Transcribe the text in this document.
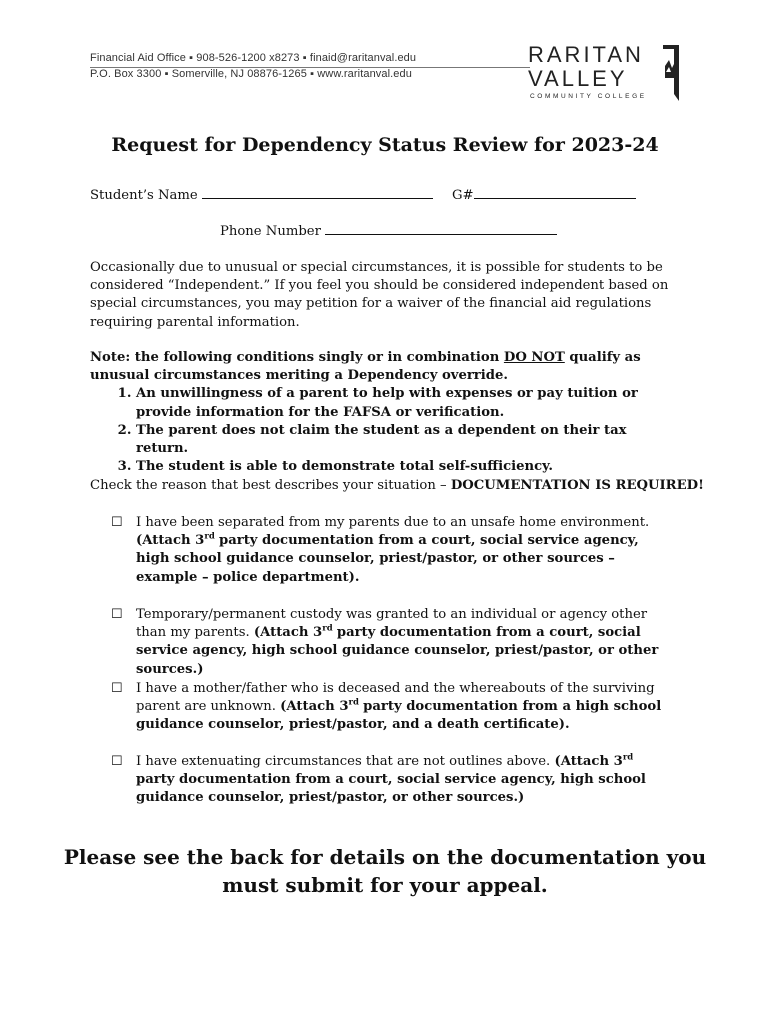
Financial Aid Office ▪ 908-526-1200 x8273 ▪ finaid@raritanval.edu
P.O. Box 3300 ▪ Somerville, NJ 08876-1265 ▪ www.raritanval.edu
RARITAN
VALLEY
COMMUNITY COLLEGE
Request for Dependency Status Review for 2023-24
Student’s Name	G#
Phone Number
Occasionally due to unusual or special circumstances, it is possible for students to be considered “Independent.” If you feel you should be considered independent based on special circumstances, you may petition for a waiver of the financial aid regulations requiring parental information.
Note: the following conditions singly or in combination DO NOT qualify as unusual circumstances meriting a Dependency override.
1. An unwillingness of a parent to help with expenses or pay tuition or provide information for the FAFSA or verification.
2. The parent does not claim the student as a dependent on their tax return.
3. The student is able to demonstrate total self-sufficiency.
Check the reason that best describes your situation – DOCUMENTATION IS REQUIRED!
☐ I have been separated from my parents due to an unsafe home environment. (Attach 3rd party documentation from a court, social service agency, high school guidance counselor, priest/pastor, or other sources – example – police department).
☐ Temporary/permanent custody was granted to an individual or agency other than my parents. (Attach 3rd party documentation from a court, social service agency, high school guidance counselor, priest/pastor, or other sources.)
☐ I have a mother/father who is deceased and the whereabouts of the surviving parent are unknown. (Attach 3rd party documentation from a high school guidance counselor, priest/pastor, and a death certificate).
☐ I have extenuating circumstances that are not outlines above. (Attach 3rd party documentation from a court, social service agency, high school guidance counselor, priest/pastor, or other sources.)
Please see the back for details on the documentation you must submit for your appeal.
